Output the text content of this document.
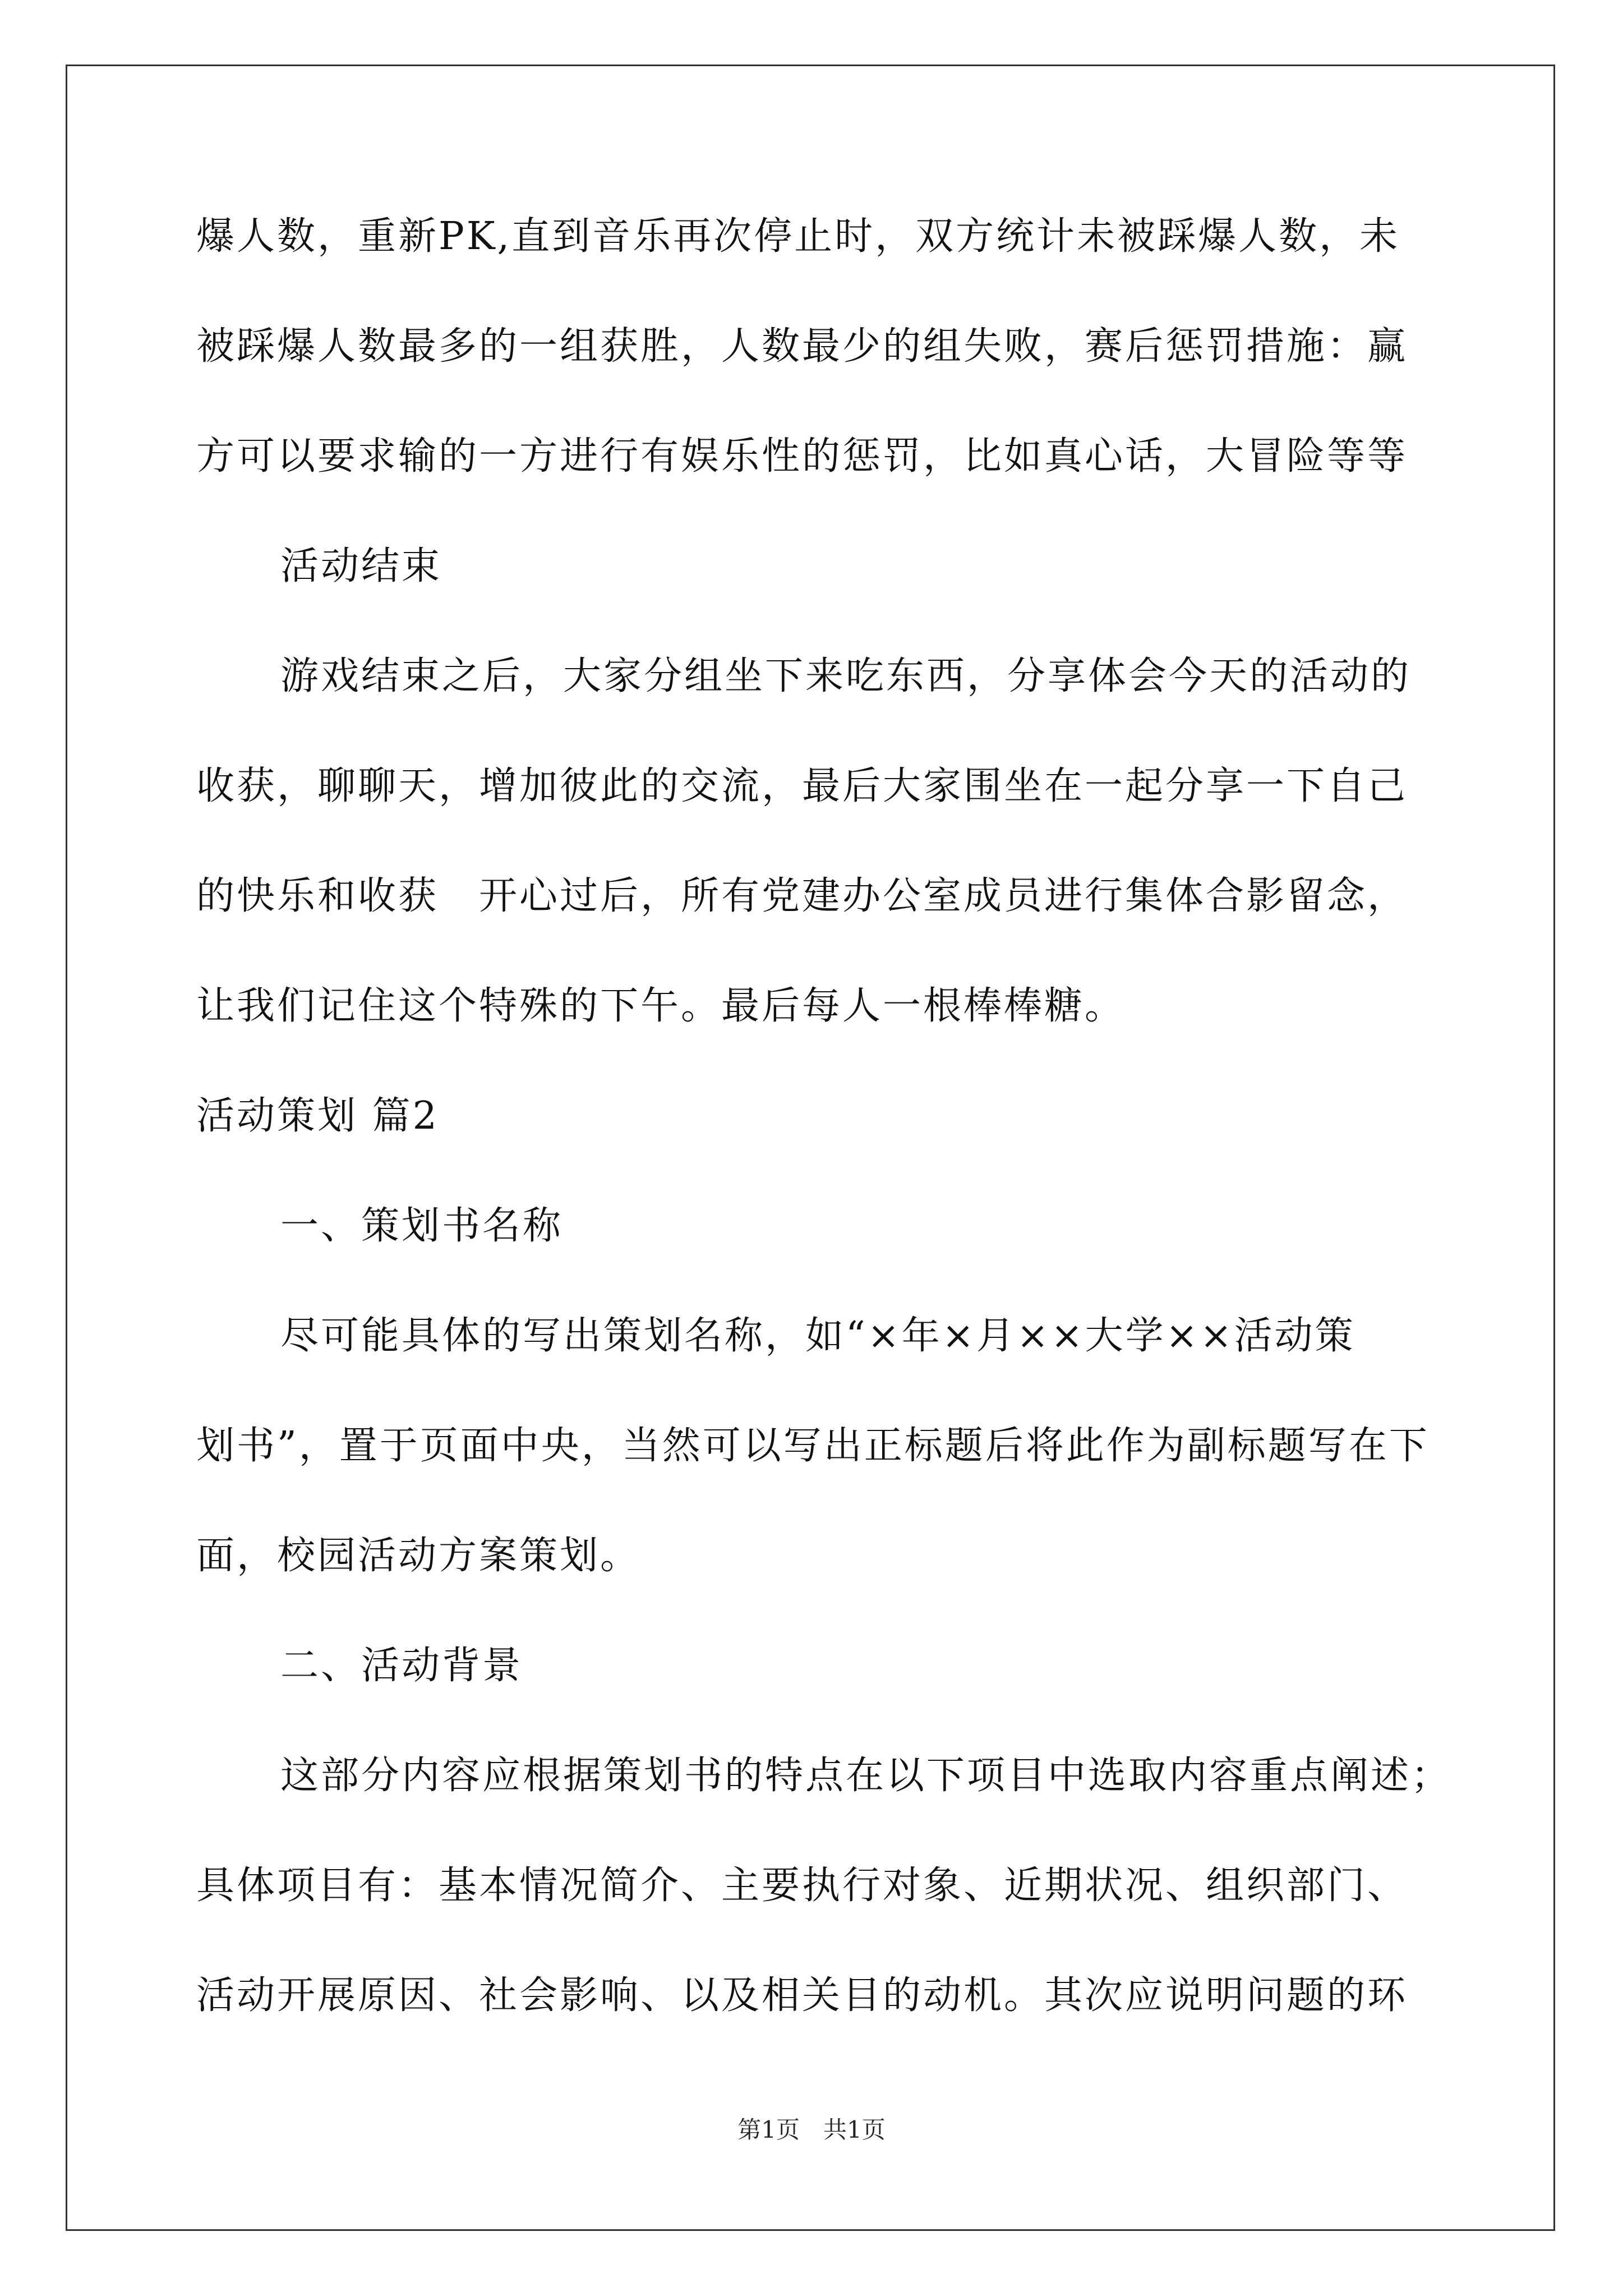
爆人数，重新PK,直到音乐再次停止时，双方统计未被踩爆人数，未
被踩爆人数最多的一组获胜，人数最少的组失败，赛后惩罚措施：赢
方可以要求输的一方进行有娱乐性的惩罚，比如真心话，大冒险等等
活动结束
游戏结束之后，大家分组坐下来吃东西，分享体会今天的活动的
收获，聊聊天，增加彼此的交流，最后大家围坐在一起分享一下自己
的快乐和收获　开心过后，所有党建办公室成员进行集体合影留念，
让我们记住这个特殊的下午。最后每人一根棒棒糖。
活动策划 篇2
一、策划书名称
尽可能具体的写出策划名称，如“×年×月××大学××活动策
划书”，置于页面中央，当然可以写出正标题后将此作为副标题写在下
面，校园活动方案策划。
二、活动背景
这部分内容应根据策划书的特点在以下项目中选取内容重点阐述；
具体项目有：基本情况简介、主要执行对象、近期状况、组织部门、
活动开展原因、社会影响、以及相关目的动机。其次应说明问题的环
第1页　共1页
